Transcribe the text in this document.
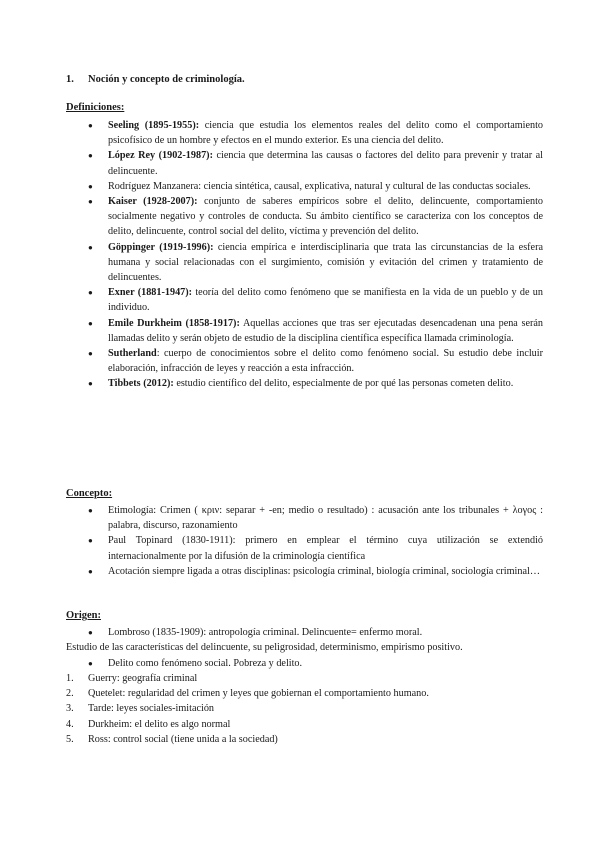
1. Noción y concepto de criminología.
Definiciones:
● Seeling (1895-1955): ciencia que estudia los elementos reales del delito como el comportamiento psicofísico de un hombre y efectos en el mundo exterior. Es una ciencia del delito.
● López Rey (1902-1987): ciencia que determina las causas o factores del delito para prevenir y tratar al delincuente.
● Rodríguez Manzanera: ciencia sintética, causal, explicativa, natural y cultural de las conductas sociales.
● Kaiser (1928-2007): conjunto de saberes empíricos sobre el delito, delincuente, comportamiento socialmente negativo y controles de conducta. Su ámbito científico se caracteriza con los conceptos de delito, delincuente, control social del delito, víctima y prevención del delito.
● Göppinger (1919-1996): ciencia empírica e interdisciplinaria que trata las circunstancias de la esfera humana y social relacionadas con el surgimiento, comisión y evitación del crimen y tratamiento de delincuentes.
● Exner (1881-1947): teoría del delito como fenómeno que se manifiesta en la vida de un pueblo y de un individuo.
● Emile Durkheim (1858-1917): Aquellas acciones que tras ser ejecutadas desencadenan una pena serán llamadas delito y serán objeto de estudio de la disciplina científica específica llamada criminología.
● Sutherland: cuerpo de conocimientos sobre el delito como fenómeno social. Su estudio debe incluir elaboración, infracción de leyes y reacción a esta infracción.
● Tibbets (2012): estudio científico del delito, especialmente de por qué las personas cometen delito.
Concepto:
● Etimología: Crimen ( κριν: separar + -en; medio o resultado) : acusación ante los tribunales + λογος : palabra, discurso, razonamiento
● Paul Topinard (1830-1911): primero en emplear el término cuya utilización se extendió internacionalmente por la difusión de la criminología científica
● Acotación siempre ligada a otras disciplinas: psicología criminal, biología criminal, sociología criminal…
Origen:
● Lombroso (1835-1909): antropología criminal. Delincuente= enfermo moral.
Estudio de las características del delincuente, su peligrosidad, determinismo, empirismo positivo.
● Delito como fenómeno social. Pobreza y delito.
1. Guerry: geografía criminal
2. Quetelet: regularidad del crimen y leyes que gobiernan el comportamiento humano.
3. Tarde: leyes sociales-imitación
4. Durkheim: el delito es algo normal
5. Ross: control social (tiene unida a la sociedad)
